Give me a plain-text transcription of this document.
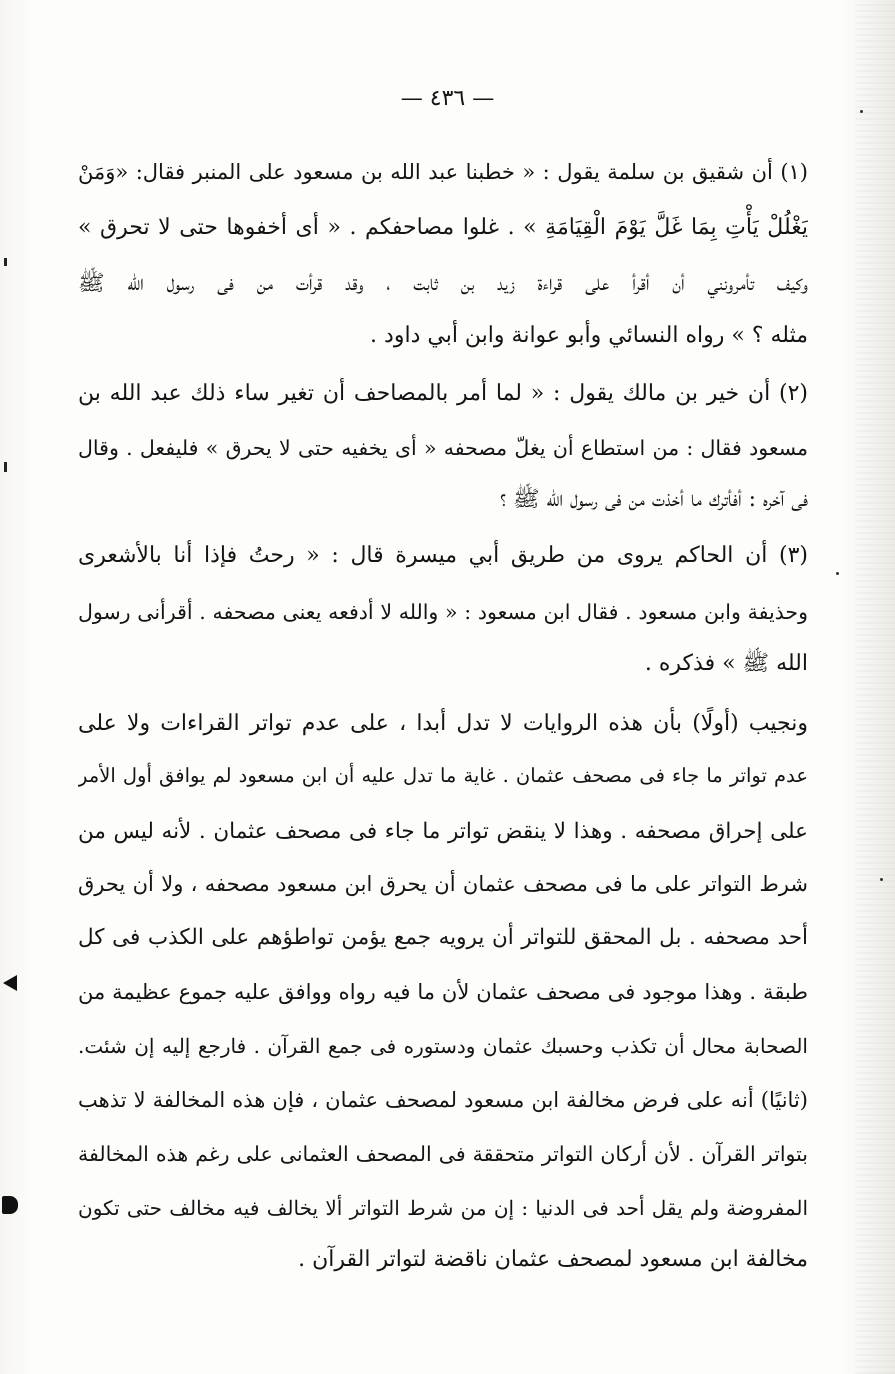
— ٤٣٦ —
(١) أن شقيق بن سلمة يقول : « خطبنا عبد الله بن مسعود على المنبر فقال: «وَمَنْ
يَغْلُلْ يَأْتِ بِمَا غَلَّ يَوْمَ الْقِيَامَةِ » . غلوا مصاحفكم . « أى أخفوها حتى لا تحرق »
وكيف تأمرونني أن أقرأ على قراءة زيد بن ثابت ، وقد قرأت من فى رسول الله ﷺ
مثله ؟ » رواه النسائي وأبو عوانة وابن أبي داود .
(٢) أن خير بن مالك يقول : « لما أمر بالمصاحف أن تغير ساء ذلك عبد الله بن
مسعود فقال : من استطاع أن يغلّ مصحفه « أى يخفيه حتى لا يحرق » فليفعل . وقال
فى آخره : أفأترك ما أخذت من فى رسول الله ﷺ ؟
(٣) أن الحاكم يروى من طريق أبي ميسرة قال : « رحتُ فإذا أنا بالأشعرى
وحذيفة وابن مسعود . فقال ابن مسعود : « والله لا أدفعه يعنى مصحفه . أقرأنى رسول
الله ﷺ » فذكره .
ونجيب (أولًا) بأن هذه الروايات لا تدل أبدا ، على عدم تواتر القراءات ولا على
عدم تواتر ما جاء فى مصحف عثمان . غاية ما تدل عليه أن ابن مسعود لم يوافق أول الأمر
على إحراق مصحفه . وهذا لا ينقض تواتر ما جاء فى مصحف عثمان . لأنه ليس من
شرط التواتر على ما فى مصحف عثمان أن يحرق ابن مسعود مصحفه ، ولا أن يحرق
أحد مصحفه . بل المحقق للتواتر أن يرويه جمع يؤمن تواطؤهم على الكذب فى كل
طبقة . وهذا موجود فى مصحف عثمان لأن ما فيه رواه ووافق عليه جموع عظيمة من
الصحابة محال أن تكذب وحسبك عثمان ودستوره فى جمع القرآن . فارجع إليه إن شئت.
(ثانيًا) أنه على فرض مخالفة ابن مسعود لمصحف عثمان ، فإن هذه المخالفة لا تذهب
بتواتر القرآن . لأن أركان التواتر متحققة فى المصحف العثمانى على رغم هذه المخالفة
المفروضة ولم يقل أحد فى الدنيا : إن من شرط التواتر ألا يخالف فيه مخالف حتى تكون
مخالفة ابن مسعود لمصحف عثمان ناقضة لتواتر القرآن .
